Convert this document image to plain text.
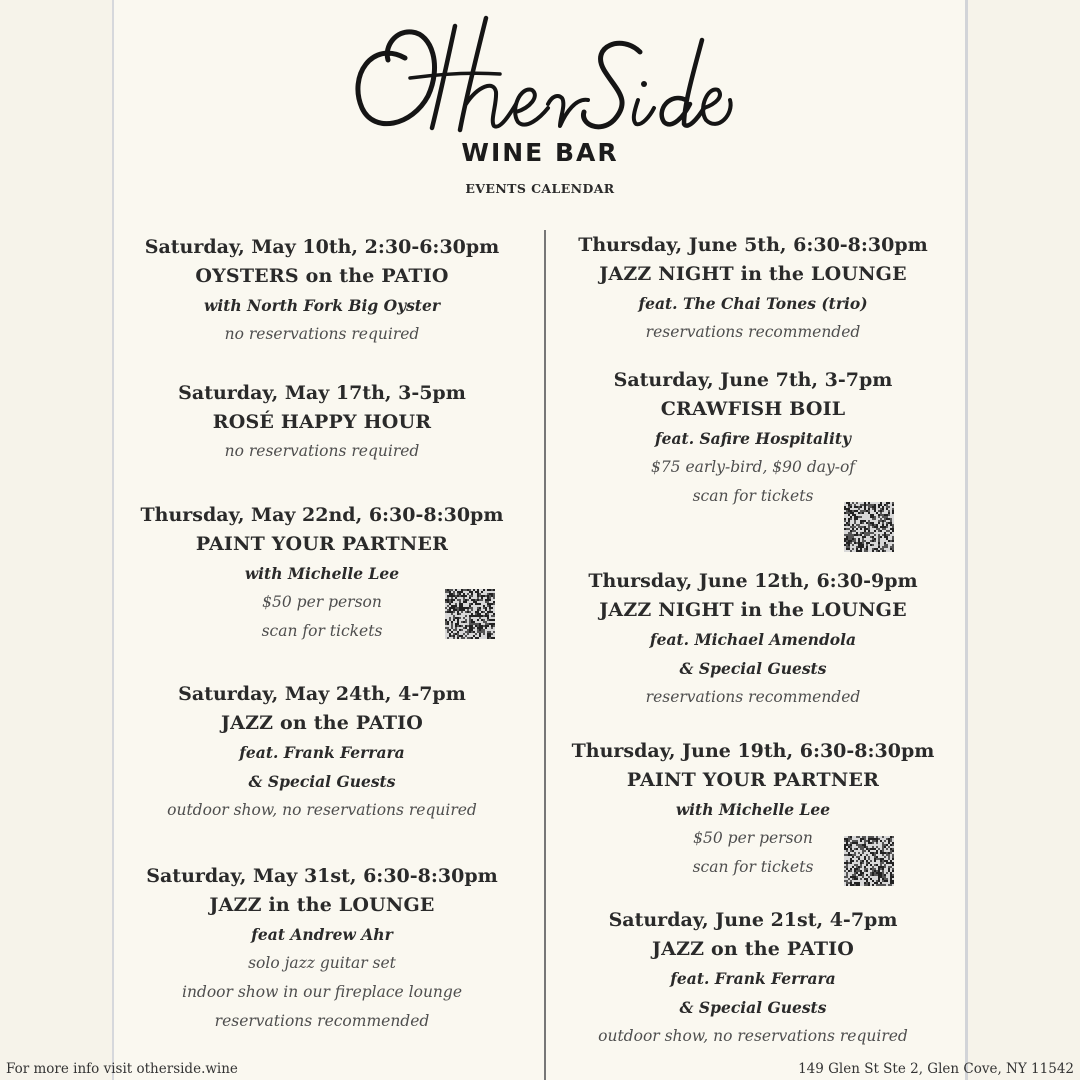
WINE BAR
EVENTS CALENDAR
Saturday, May 10th, 2:30-6:30pm
OYSTERS on the PATIO
with North Fork Big Oyster
no reservations required
Saturday, May 17th, 3-5pm
ROSÉ HAPPY HOUR
no reservations required
Thursday, May 22nd, 6:30-8:30pm
PAINT YOUR PARTNER
with Michelle Lee
$50 per person
scan for tickets
Saturday, May 24th, 4-7pm
JAZZ on the PATIO
feat. Frank Ferrara
& Special Guests
outdoor show, no reservations required
Saturday, May 31st, 6:30-8:30pm
JAZZ in the LOUNGE
feat Andrew Ahr
solo jazz guitar set
indoor show in our fireplace lounge
reservations recommended
Thursday, June 5th, 6:30-8:30pm
JAZZ NIGHT in the LOUNGE
feat. The Chai Tones (trio)
reservations recommended
Saturday, June 7th, 3-7pm
CRAWFISH BOIL
feat. Safire Hospitality
$75 early-bird, $90 day-of
scan for tickets
Thursday, June 12th, 6:30-9pm
JAZZ NIGHT in the LOUNGE
feat. Michael Amendola
& Special Guests
reservations recommended
Thursday, June 19th, 6:30-8:30pm
PAINT YOUR PARTNER
with Michelle Lee
$50 per person
scan for tickets
Saturday, June 21st, 4-7pm
JAZZ on the PATIO
feat. Frank Ferrara
& Special Guests
outdoor show, no reservations required
For more info visit otherside.wine	149 Glen St Ste 2, Glen Cove, NY 11542
